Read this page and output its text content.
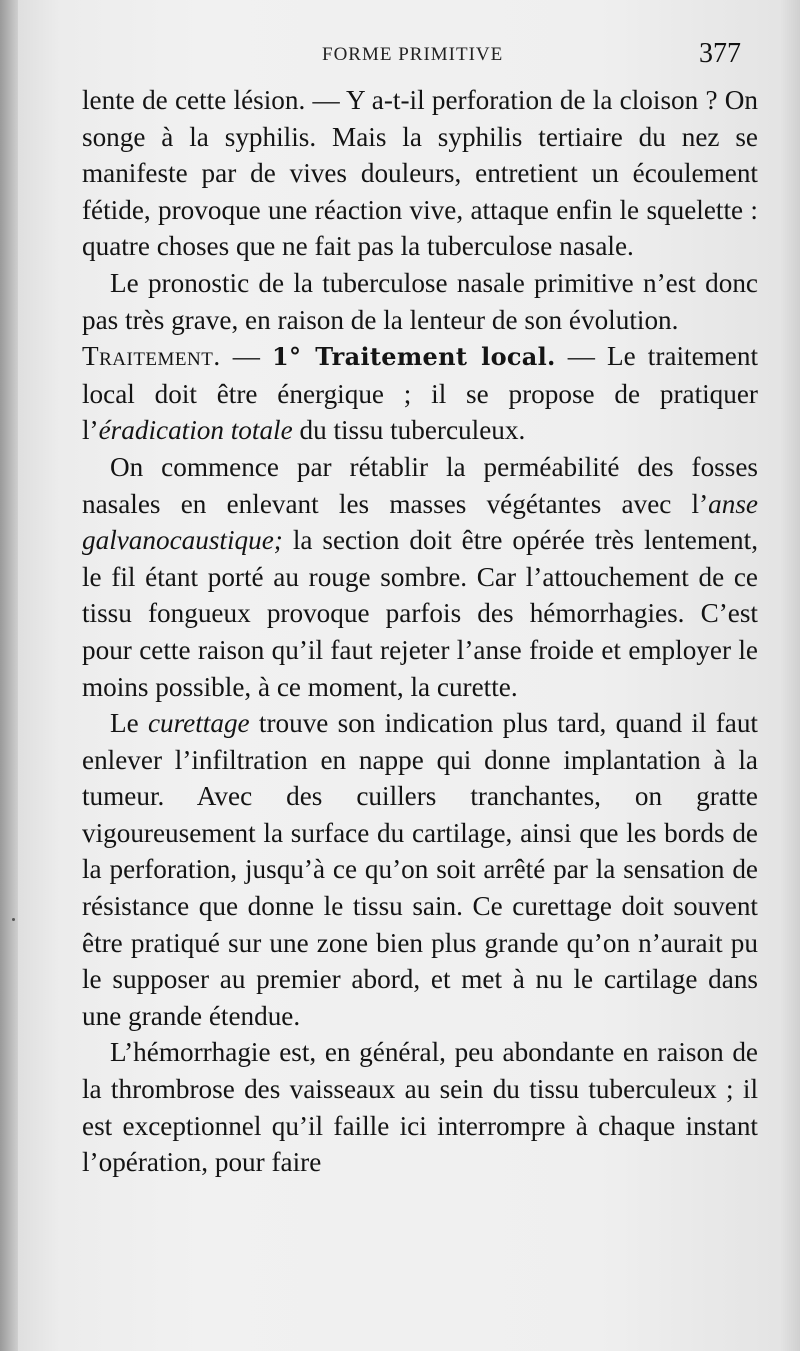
FORME PRIMITIVE	377

lente de cette lésion. — Y a-t-il perforation de la cloison ? On songe à la syphilis. Mais la syphilis tertiaire du nez se manifeste par de vives douleurs, entretient un écoulement fétide, provoque une réaction vive, attaque enfin le squelette : quatre choses que ne fait pas la tuberculose nasale.

Le pronostic de la tuberculose nasale primitive n’est donc pas très grave, en raison de la lenteur de son évolution.

Traitement. — 1° Traitement local. — Le traitement local doit être énergique ; il se propose de pratiquer l’éradication totale du tissu tuberculeux.

On commence par rétablir la perméabilité des fosses nasales en enlevant les masses végétantes avec l’anse galvanocaustique; la section doit être opérée très lentement, le fil étant porté au rouge sombre. Car l’attouchement de ce tissu fongueux provoque parfois des hémorrhagies. C’est pour cette raison qu’il faut rejeter l’anse froide et employer le moins possible, à ce moment, la curette.

Le curettage trouve son indication plus tard, quand il faut enlever l’infiltration en nappe qui donne implantation à la tumeur. Avec des cuillers tranchantes, on gratte vigoureusement la surface du cartilage, ainsi que les bords de la perforation, jusqu’à ce qu’on soit arrêté par la sensation de résistance que donne le tissu sain. Ce curettage doit souvent être pratiqué sur une zone bien plus grande qu’on n’aurait pu le supposer au premier abord, et met à nu le cartilage dans une grande étendue.

L’hémorrhagie est, en général, peu abondante en raison de la thrombrose des vaisseaux au sein du tissu tuberculeux ; il est exceptionnel qu’il faille ici interrompre à chaque instant l’opération, pour faire
